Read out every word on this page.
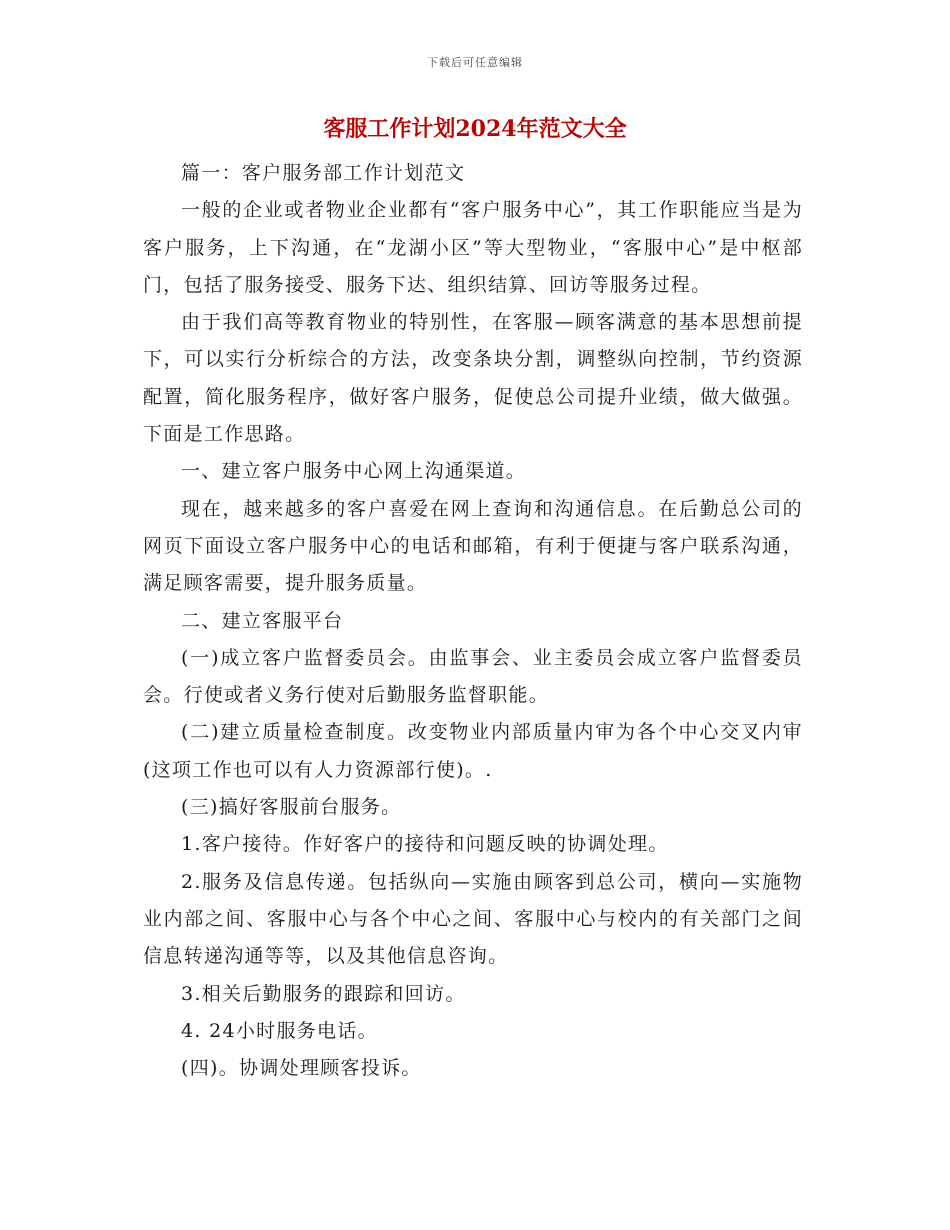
下载后可任意编辑
客服工作计划2024年范文大全

篇一：客户服务部工作计划范文

一般的企业或者物业企业都有“客户服务中心”，其工作职能应当是为客户服务，上下沟通，在“龙湖小区”等大型物业，“客服中心”是中枢部门，包括了服务接受、服务下达、组织结算、回访等服务过程。

由于我们高等教育物业的特别性，在客服—顾客满意的基本思想前提下，可以实行分析综合的方法，改变条块分割，调整纵向控制，节约资源配置，简化服务程序，做好客户服务，促使总公司提升业绩，做大做强。下面是工作思路。

一、建立客户服务中心网上沟通渠道。

现在，越来越多的客户喜爱在网上查询和沟通信息。在后勤总公司的网页下面设立客户服务中心的电话和邮箱，有利于便捷与客户联系沟通，满足顾客需要，提升服务质量。

二、建立客服平台

(一)成立客户监督委员会。由监事会、业主委员会成立客户监督委员会。行使或者义务行使对后勤服务监督职能。

(二)建立质量检查制度。改变物业内部质量内审为各个中心交叉内审(这项工作也可以有人力资源部行使)。.

(三)搞好客服前台服务。

1.客户接待。作好客户的接待和问题反映的协调处理。

2.服务及信息传递。包括纵向—实施由顾客到总公司，横向—实施物业内部之间、客服中心与各个中心之间、客服中心与校内的有关部门之间信息转递沟通等等，以及其他信息咨询。

3.相关后勤服务的跟踪和回访。

4. 24小时服务电话。

(四)。协调处理顾客投诉。
